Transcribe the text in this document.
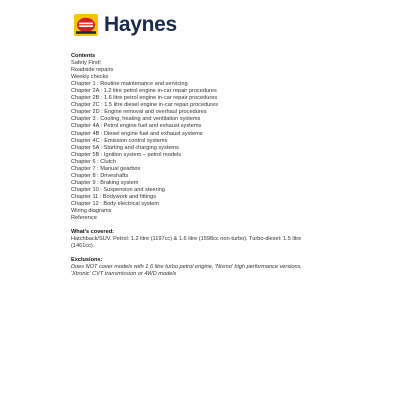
Haynes
Contents
Safety First!
Roadside repairs
Weekly checks
Chapter 1 : Routine maintenance and servicing
Chapter 2A : 1.2 litre petrol engine in-car repair procedures
Chapter 2B : 1.6 litre petrol engine in-car repair procedures
Chapter 2C : 1.5 litre diesel engine in-car repair procedures
Chapter 2D : Engine removal and overhaul procedures
Chapter 3 : Cooling, heating and ventilation systems
Chapter 4A : Petrol engine fuel and exhaust systems
Chapter 4B : Diesel engine fuel and exhaust systems
Chapter 4C : Emission control systems
Chapter 5A : Starting and charging systems
Chapter 5B : Ignition system – petrol models
Chapter 6 : Clutch
Chapter 7 : Manual gearbox
Chapter 8 : Driveshafts
Chapter 9 : Braking system
Chapter 10 : Suspension and steering
Chapter 11 : Bodywork and fittings
Chapter 12 : Body electrical system
Wiring diagrams
Reference
What's covered:
Hatchback/SUV. Petrol: 1.2 litre (1197cc) & 1.6 litre (1598cc non-turbo). Turbo-diesel: 1.5 litre (1461cc).
Exclusions:
Does NOT cover models with 1.6 litre turbo petrol engine, 'Nismo' high performance versions, 'Xtronic' CVT transmission or 4WD models
